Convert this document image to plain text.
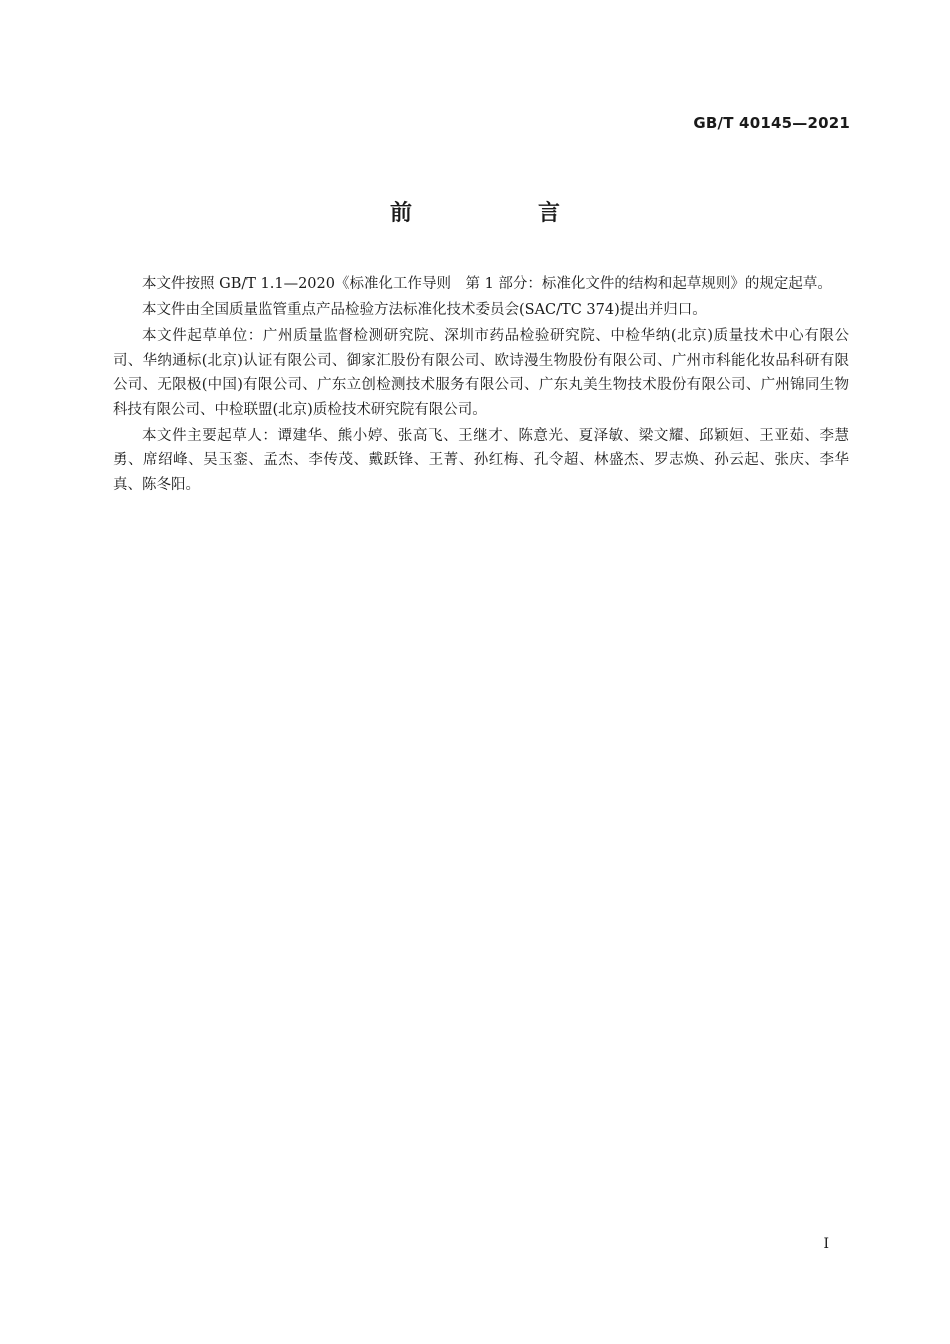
GB/T 40145—2021
前　言

本文件按照 GB/T 1.1—2020《标准化工作导则　第 1 部分：标准化文件的结构和起草规则》的规定起草。

本文件由全国质量监管重点产品检验方法标准化技术委员会(SAC/TC 374)提出并归口。

本文件起草单位：广州质量监督检测研究院、深圳市药品检验研究院、中检华纳(北京)质量技术中心有限公司、华纳通标(北京)认证有限公司、御家汇股份有限公司、欧诗漫生物股份有限公司、广州市科能化妆品科研有限公司、无限极(中国)有限公司、广东立创检测技术服务有限公司、广东丸美生物技术股份有限公司、广州锦同生物科技有限公司、中检联盟(北京)质检技术研究院有限公司。

本文件主要起草人：谭建华、熊小婷、张高飞、王继才、陈意光、夏泽敏、梁文耀、邱颖姮、王亚茹、李慧勇、席绍峰、吴玉銮、孟杰、李传茂、戴跃锋、王菁、孙红梅、孔令超、林盛杰、罗志焕、孙云起、张庆、李华真、陈冬阳。

I
